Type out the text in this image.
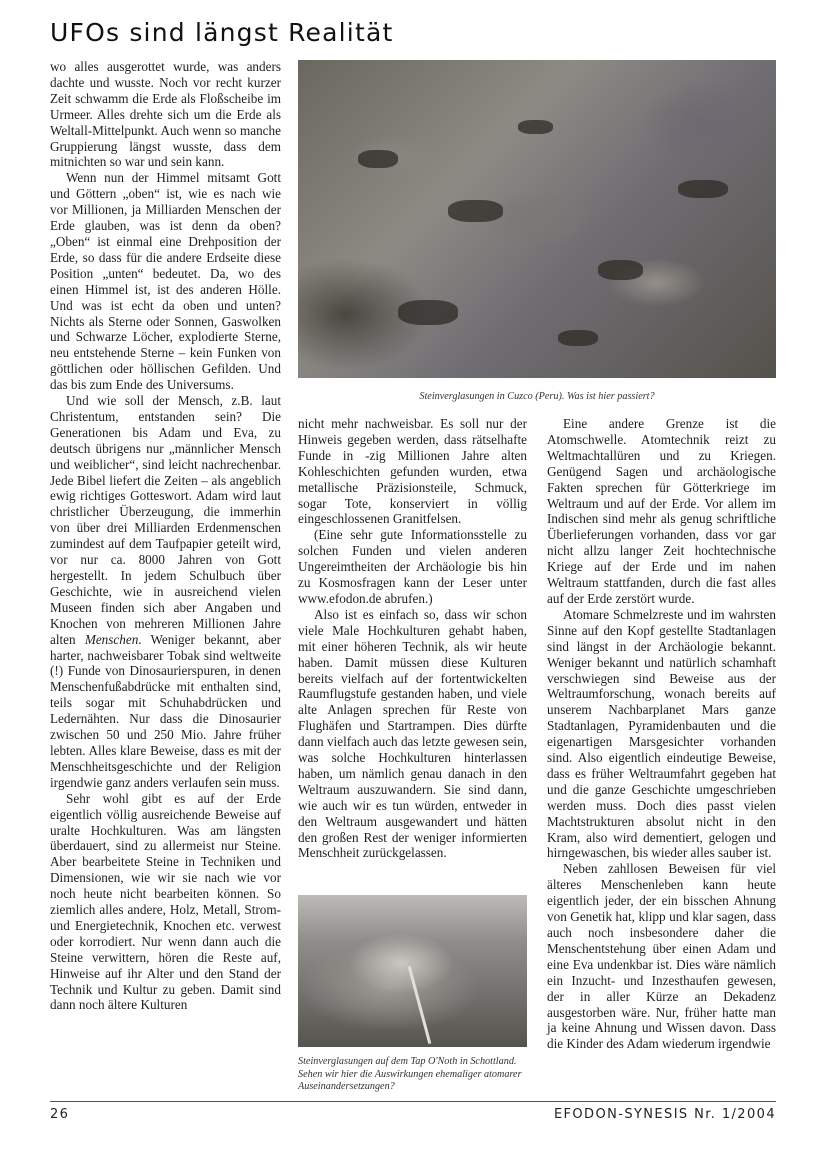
UFOs sind längst Realität

wo alles ausgerottet wurde, was anders dachte und wusste. Noch vor recht kurzer Zeit schwamm die Erde als Floßscheibe im Urmeer. Alles drehte sich um die Erde als Weltall-Mittelpunkt. Auch wenn so manche Gruppierung längst wusste, dass dem mitnichten so war und sein kann.

Wenn nun der Himmel mitsamt Gott und Göttern „oben“ ist, wie es nach wie vor Millionen, ja Milliarden Menschen der Erde glauben, was ist denn da oben? „Oben“ ist einmal eine Drehposition der Erde, so dass für die andere Erdseite diese Position „unten“ bedeutet. Da, wo des einen Himmel ist, ist des anderen Hölle. Und was ist echt da oben und unten? Nichts als Sterne oder Sonnen, Gaswolken und Schwarze Löcher, explodierte Sterne, neu entstehende Sterne – kein Funken von göttlichen oder höllischen Gefilden. Und das bis zum Ende des Universums.

Und wie soll der Mensch, z.B. laut Christentum, entstanden sein? Die Generationen bis Adam und Eva, zu deutsch übrigens nur „männlicher Mensch und weiblicher“, sind leicht nachrechenbar. Jede Bibel liefert die Zeiten – als angeblich ewig richtiges Gotteswort. Adam wird laut christlicher Überzeugung, die immerhin von über drei Milliarden Erdenmenschen zumindest auf dem Taufpapier geteilt wird, vor nur ca. 8000 Jahren von Gott hergestellt. In jedem Schulbuch über Geschichte, wie in ausreichend vielen Museen finden sich aber Angaben und Knochen von mehreren Millionen Jahre alten Menschen. Weniger bekannt, aber harter, nachweisbarer Tobak sind weltweite (!) Funde von Dinosaurierspuren, in denen Menschenfußabdrücke mit enthalten sind, teils sogar mit Schuhabdrücken und Ledernähten. Nur dass die Dinosaurier zwischen 50 und 250 Mio. Jahre früher lebten. Alles klare Beweise, dass es mit der Menschheitsgeschichte und der Religion irgendwie ganz anders verlaufen sein muss.

Sehr wohl gibt es auf der Erde eigentlich völlig ausreichende Beweise auf uralte Hochkulturen. Was am längsten überdauert, sind zu allermeist nur Steine. Aber bearbeitete Steine in Techniken und Dimensionen, wie wir sie nach wie vor noch heute nicht bearbeiten können. So ziemlich alles andere, Holz, Metall, Strom- und Energietechnik, Knochen etc. verwest oder korrodiert. Nur wenn dann auch die Steine verwittern, hören die Reste auf, Hinweise auf ihr Alter und den Stand der Technik und Kultur zu geben. Damit sind dann noch ältere Kulturen

Steinverglasungen in Cuzco (Peru). Was ist hier passiert?

nicht mehr nachweisbar. Es soll nur der Hinweis gegeben werden, dass rätselhafte Funde in -zig Millionen Jahre alten Kohleschichten gefunden wurden, etwa metallische Präzisionsteile, Schmuck, sogar Tote, konserviert in völlig eingeschlossenen Granitfelsen.

(Eine sehr gute Informationsstelle zu solchen Funden und vielen anderen Ungereimtheiten der Archäologie bis hin zu Kosmosfragen kann der Leser unter www.efodon.de abrufen.)

Also ist es einfach so, dass wir schon viele Male Hochkulturen gehabt haben, mit einer höheren Technik, als wir heute haben. Damit müssen diese Kulturen bereits vielfach auf der fortentwickelten Raumflugstufe gestanden haben, und viele alte Anlagen sprechen für Reste von Flughäfen und Startrampen. Dies dürfte dann vielfach auch das letzte gewesen sein, was solche Hochkulturen hinterlassen haben, um nämlich genau danach in den Weltraum auszuwandern. Sie sind dann, wie auch wir es tun würden, entweder in den Weltraum ausgewandert und hätten den großen Rest der weniger informierten Menschheit zurückgelassen.

Steinverglasungen auf dem Tap O'Noth in Schottland. Sehen wir hier die Auswirkungen ehemaliger atomarer Auseinandersetzungen?

Eine andere Grenze ist die Atomschwelle. Atomtechnik reizt zu Weltmachtallüren und zu Kriegen. Genügend Sagen und archäologische Fakten sprechen für Götterkriege im Weltraum und auf der Erde. Vor allem im Indischen sind mehr als genug schriftliche Überlieferungen vorhanden, dass vor gar nicht allzu langer Zeit hochtechnische Kriege auf der Erde und im nahen Weltraum stattfanden, durch die fast alles auf der Erde zerstört wurde.

Atomare Schmelzreste und im wahrsten Sinne auf den Kopf gestellte Stadtanlagen sind längst in der Archäologie bekannt. Weniger bekannt und natürlich schamhaft verschwiegen sind Beweise aus der Weltraumforschung, wonach bereits auf unserem Nachbarplanet Mars ganze Stadtanlagen, Pyramidenbauten und die eigenartigen Marsgesichter vorhanden sind. Also eigentlich eindeutige Beweise, dass es früher Weltraumfahrt gegeben hat und die ganze Geschichte umgeschrieben werden muss. Doch dies passt vielen Machtstrukturen absolut nicht in den Kram, also wird dementiert, gelogen und hirngewaschen, bis wieder alles sauber ist.

Neben zahllosen Beweisen für viel älteres Menschenleben kann heute eigentlich jeder, der ein bisschen Ahnung von Genetik hat, klipp und klar sagen, dass auch noch insbesondere daher die Menschentstehung über einen Adam und eine Eva undenkbar ist. Dies wäre nämlich ein Inzucht- und Inzesthaufen gewesen, der in aller Kürze an Dekadenz ausgestorben wäre. Nur, früher hatte man ja keine Ahnung und Wissen davon. Dass die Kinder des Adam wiederum irgendwie

26	EFODON-SYNESIS Nr. 1/2004
